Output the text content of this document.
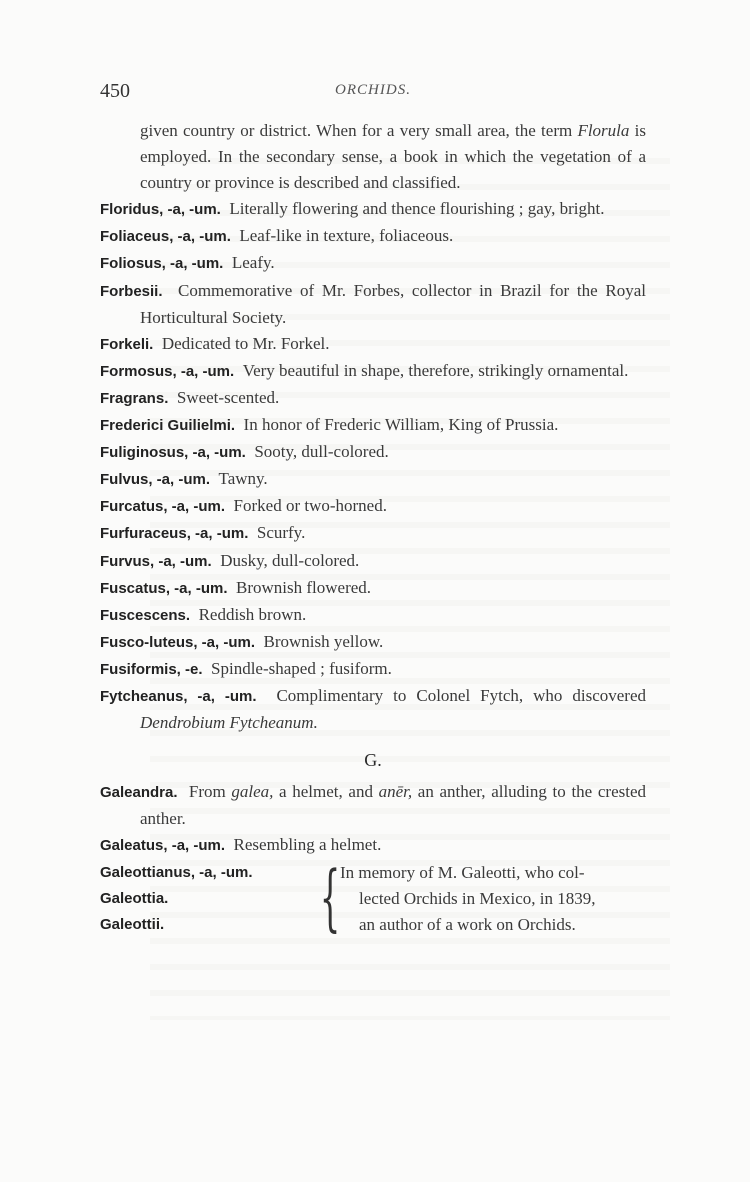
450	ORCHIDS.
given country or district. When for a very small area, the term Florula is employed. In the secondary sense, a book in which the vegetation of a country or province is described and classified.
Floridus, -a, -um. Literally flowering and thence flourishing ; gay, bright.
Foliaceus, -a, -um. Leaf-like in texture, foliaceous.
Foliosus, -a, -um. Leafy.
Forbesii. Commemorative of Mr. Forbes, collector in Brazil for the Royal Horticultural Society.
Forkeli. Dedicated to Mr. Forkel.
Formosus, -a, -um. Very beautiful in shape, therefore, strikingly ornamental.
Fragrans. Sweet-scented.
Frederici Guilielmi. In honor of Frederic William, King of Prussia.
Fuliginosus, -a, -um. Sooty, dull-colored.
Fulvus, -a, -um. Tawny.
Furcatus, -a, -um. Forked or two-horned.
Furfuraceus, -a, -um. Scurfy.
Furvus, -a, -um. Dusky, dull-colored.
Fuscatus, -a, -um. Brownish flowered.
Fuscescens. Reddish brown.
Fusco-luteus, -a, -um. Brownish yellow.
Fusiformis, -e. Spindle-shaped ; fusiform.
Fytcheanus, -a, -um. Complimentary to Colonel Fytch, who discovered Dendrobium Fytcheanum.
G.
Galeandra. From galea, a helmet, and anēr, an anther, alluding to the crested anther.
Galeatus, -a, -um. Resembling a helmet.
Galeottianus, -a, -um.
Galeottia.
Galeottii.	{ In memory of M. Galeotti, who col-
lected Orchids in Mexico, in 1839,
an author of a work on Orchids.
